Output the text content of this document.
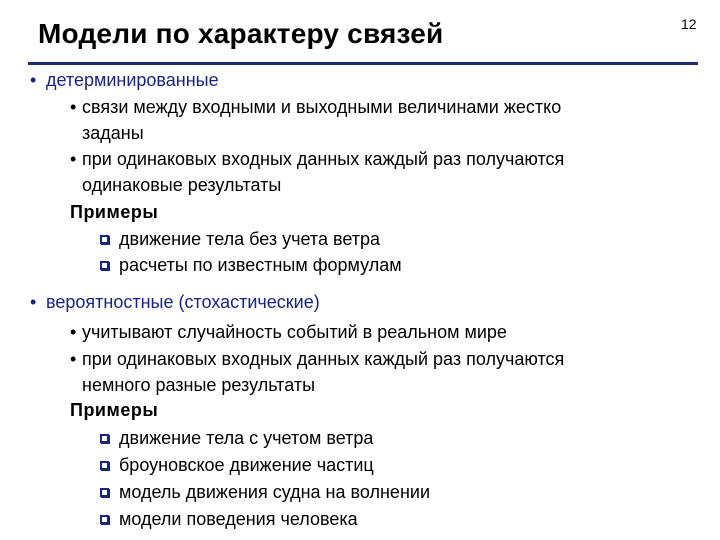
Модели по характеру связей	12
• детерминированные
• связи между входными и выходными величинами жестко
заданы
• при одинаковых входных данных каждый раз получаются
одинаковые результаты
Примеры
движение тела без учета ветра
расчеты по известным формулам
• вероятностные (стохастические)
• учитывают случайность событий в реальном мире
• при одинаковых входных данных каждый раз получаются
немного разные результаты
Примеры
движение тела с учетом ветра
броуновское движение частиц
модель движения судна на волнении
модели поведения человека
